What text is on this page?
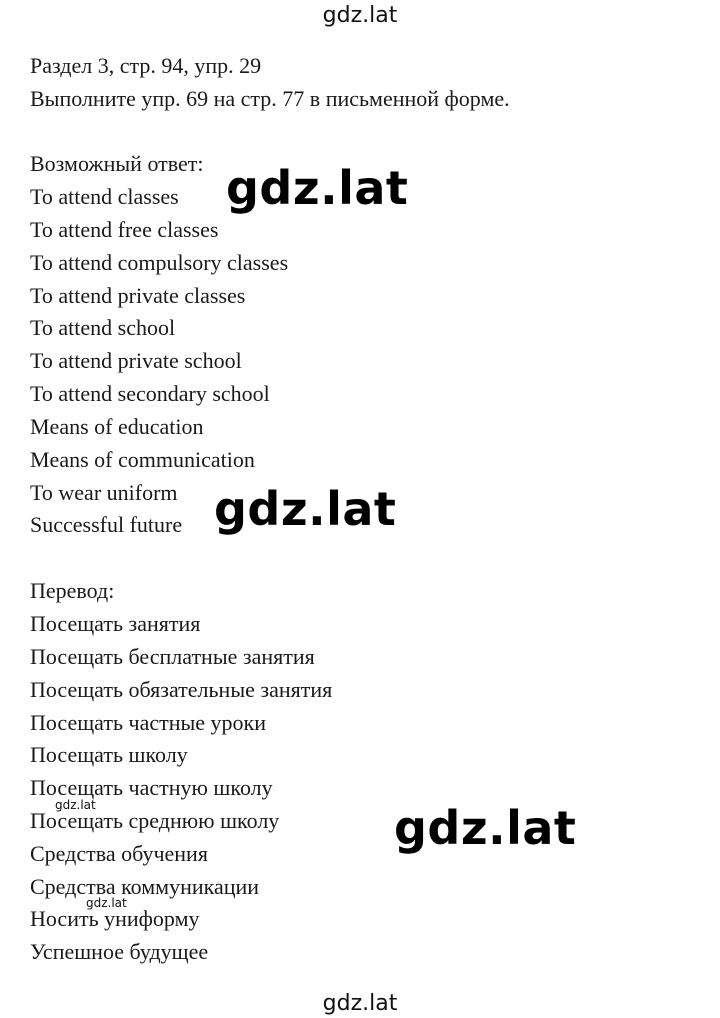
gdz.lat
Раздел 3, стр. 94, упр. 29
Выполните упр. 69 на стр. 77 в письменной форме.
Возможный ответ:
To attend classes
To attend free classes
To attend compulsory classes
To attend private classes
To attend school
To attend private school
To attend secondary school
Means of education
Means of communication
To wear uniform
Successful future
Перевод:
Посещать занятия
Посещать бесплатные занятия
Посещать обязательные занятия
Посещать частные уроки
Посещать школу
Посещать частную школу
Посещать среднюю школу
Средства обучения
Средства коммуникации
Носить униформу
Успешное будущее
gdz.lat
gdz.lat
gdz.lat
gdz.lat
gdz.lat
gdz.lat
